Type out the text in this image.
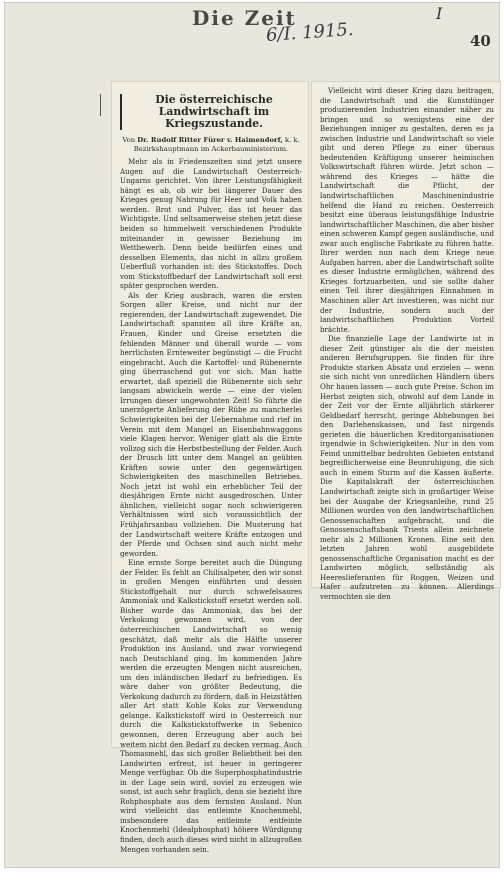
Die Zeit
6/I. 1915.
I
40
Die österreichische Landwirtschaft im Kriegszustande.
Von Dr. Rudolf Ritter Fürer v. Haimendorf, k. k. Bezirkshauptmann im Ackerbauministerium.

Mehr als in Friedenszeiten sind jetzt unsere Augen auf die Landwirtschaft Oesterreich-Ungarns gerichtet. Von ihrer Leistungsfähigkeit hängt es ab, ob wir bei längerer Dauer des Krieges genug Nahrung für Heer und Volk haben werden. Brot und Pulver, das ist heuer das Wichtigste. Und seltsamerweise stehen jetzt diese beiden so himmelweit verschiedenen Produkte miteinander in gewisser Beziehung im Wettbewerb. Denn beide bedürfen eines und desselben Elements, das nicht in allzu großem Ueberfluß vorhanden ist: des Stickstoffes. Doch vom Stickstoffbedarf der Landwirtschaft soll erst später gesprochen werden.

Als der Krieg ausbrach, waren die ersten Sorgen aller Kreise, und nicht nur der regierenden, der Landwirtschaft zugewendet. Die Landwirtschaft spannten all ihre Kräfte an, Frauen, Kinder und Greise ersetzten die fehlenden Männer und überall wurde — vom herrlichsten Ernteweiter begünstigt — die Frucht eingebracht. Auch die Kartoffel- und Rübenernte ging überraschend gut vor sich. Man hatte erwartet, daß speziell die Rübenernte sich sehr langsam abwickeln werde — eine der vielen Irrungen dieser ungewohnten Zeit! So führte die unerzögerte Anlieferung der Rübe zu mancherlei Schwierigkeiten bei der Uebernahme und rief im Verein mit dem Mangel an Eisenbahnwaggons viele Klagen hervor. Weniger glatt als die Ernte vollzog sich die Herbstbestellung der Felder. Auch der Drusch litt unter dem Mangel an geübten Kräften sowie unter den gegenwärtigen Schwierigkeiten des maschinellen Betriebes. Noch jetzt ist wohl ein erheblicher Teil der diesjährigen Ernte nicht ausgedroschen. Unter ähnlichen, vielleicht sogar noch schwierigeren Verhältnissen wird sich voraussichtlich der Frühjahrsanbau vollziehen. Die Musterung hat der Landwirtschaft weitere Kräfte entzogen und der Pferde und Ochsen sind auch nicht mehr geworden.

Eine ernste Sorge bereitet auch die Düngung der Felder. Es fehlt an Chilisalpeter, den wir sonst in großen Mengen einführten und dessen Stickstoffgehalt nur durch schwefelsaures Ammoniak und Kalkstickstoff ersetzt werden soll. Bisher wurde das Ammoniak, das bei der Verkokung gewonnen wird, von der österreichischen Landwirtschaft so wenig geschätzt, daß mehr als die Hälfte unserer Produktion ins Ausland, und zwar vorwiegend nach Deutschland ging. Im kommenden Jahre werden die erzeugten Mengen nicht ausreichen, um den inländischen Bedarf zu befriedigen. Es wäre daher von größter Bedeutung, die Verkokung dadurch zu fördern, daß in Heizstätten aller Art statt Kohle Koks zur Verwendung gelange. Kalkstickstoff wird in Oesterreich nur durch die Kalkstickstoffwerke in Sebenico gewonnen, deren Erzeugung aber auch bei weitem nicht den Bedarf zu decken vermag. Auch Thomasmehl, das sich großer Beliebtheit bei den Landwirten erfreut, ist heuer in geringerer Menge verfügbar. Ob die Superphosphatindustrie in der Lage sein wird, soviel zu erzeugen wie sonst, ist auch sehr fraglich, denn sie bezieht ihre Rohphosphate aus dem fernsten Ausland. Nun wird vielleicht das entleimte Knochenmehl, insbesondere das entleimte entfeinte Knochenmehl (Idealphosphat) höhere Würdigung finden, doch auch dieses wird nicht in allzugroßen Mengen vorhanden sein.

Vielleicht wird dieser Krieg dazu beitragen, die Landwirtschaft und die Kunstdünger produzierenden Industrien einander näher zu bringen und so wenigstens eine der Beziehungen inniger zu gestalten, deren es ja zwischen Industrie und Landwirtschaft so viele gibt und deren Pflege zu einer überaus bedeutenden Kräftigung unserer heimischen Volkswirtschaft führen würde. Jetzt schon — während des Krieges — hätte die Landwirtschaft die Pflicht, der landwirtschaftlichen Maschinenindustrie helfend die Hand zu reichen. Oesterreich besitzt eine überaus leistungsfähige Industrie landwirtschaftlicher Maschinen, die aber bisher einen schweren Kampf gegen ausländische, und zwar auch englische Fabrikate zu führen hatte. Ihrer werden nun nach dem Kriege neue Aufgaben harren, aber die Landwirtschaft sollte es dieser Industrie ermöglichen, während des Krieges fortzuarbeiten, und sie sollte daher einen Teil ihrer diesjährigen Einnahmen in Maschinen aller Art investieren, was nicht nur der Industrie, sondern auch der landwirtschaftlichen Produktion Vorteil brächte.

Die finanzielle Lage der Landwirte ist in dieser Zeit günstiger als die der meisten anderen Berufsgruppen. Sie finden für ihre Produkte starken Absatz und erzielen — wenn sie sich nicht von unredlichen Händlern übers Ohr hauen lassen — auch gute Preise. Schon im Herbst zeigten sich, obwohl auf dem Lande in der Zeit vor der Ernte alljährlich stärkerer Geldbedarf herrscht, geringe Abhebungen bei den Darlehenskassen, und fast nirgends gerieten die bäuerlichen Kreditorganisationen irgendwie in Schwierigkeiten. Nur in den vom Feind unmittelbar bedrohten Gebieten entstand begreiflicherweise eine Beunruhigung, die sich auch in einem Sturm auf die Kassen äußerte. Die Kapitalskraft der österreichischen Landwirtschaft zeigte sich in großartiger Weise bei der Ausgabe der Kriegsanleihe, rund 25 Millionen wurden von den landwirtschaftlichen Genossenschaften aufgebracht, und die Genossenschaftsbank Triests allein zeichnete mehr als 2 Millionen Kronen. Eine seit den letzten Jahren wohl ausgebildete genossenschaftliche Organisation macht es der Landwirten möglich, selbständig als Heereslieferanten für Roggen, Weizen und Hafer aufzutreten zu können. Allerdings vermochten sie den
